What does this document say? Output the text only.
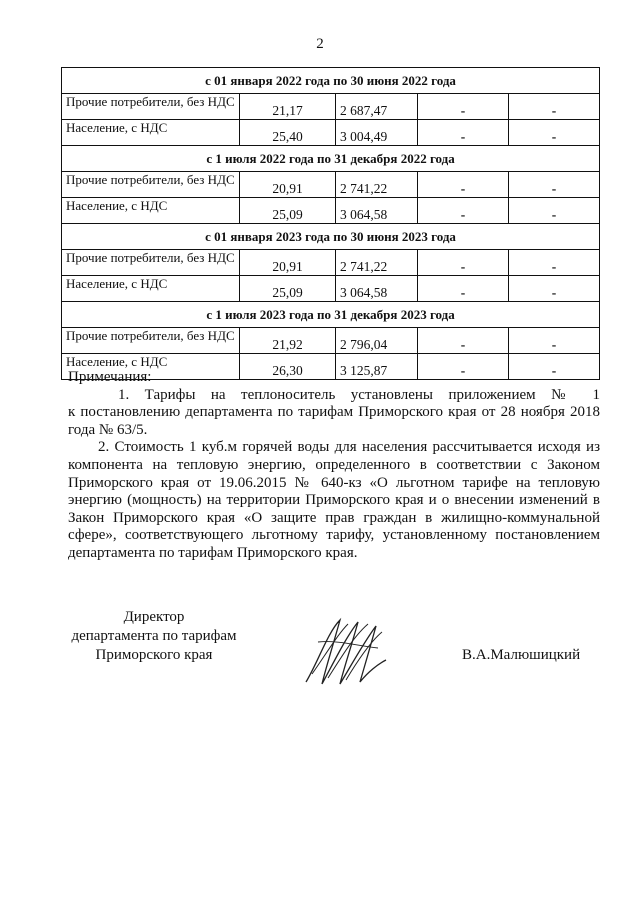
2
с 01 января 2022 года по 30 июня 2022 года				
Прочие потребители, без НДС	21,17	2 687,47	-	-
Население, с НДС	25,40	3 004,49	-	-
с 1 июля 2022 года по 31 декабря 2022 года				
Прочие потребители, без НДС	20,91	2 741,22	-	-
Население, с НДС	25,09	3 064,58	-	-
с 01 января 2023 года по 30 июня 2023 года				
Прочие потребители, без НДС	20,91	2 741,22	-	-
Население, с НДС	25,09	3 064,58	-	-
с 1 июля 2023 года по 31 декабря 2023 года				
Прочие потребители, без НДС	21,92	2 796,04	-	-
Население, с НДС	26,30	3 125,87	-	-

Примечания:

1. Тарифы на теплоноситель установлены приложением № 1

к постановлению департамента по тарифам Приморского края от 28 ноября 2018 года № 63/5.

2. Стоимость 1 куб.м горячей воды для населения рассчитывается исходя из компонента на тепловую энергию, определенного в соответствии с Законом Приморского края от 19.06.2015 № 640-кз «О льготном тарифе на тепловую энергию (мощность) на территории Приморского края и о внесении изменений в Закон Приморского края «О защите прав граждан в жилищно-коммунальной сфере», соответствующего льготному тарифу, установленному постановлением департамента по тарифам Приморского края.

Директор
департамента по тарифам
Приморского края	В.А.Малюшицкий
